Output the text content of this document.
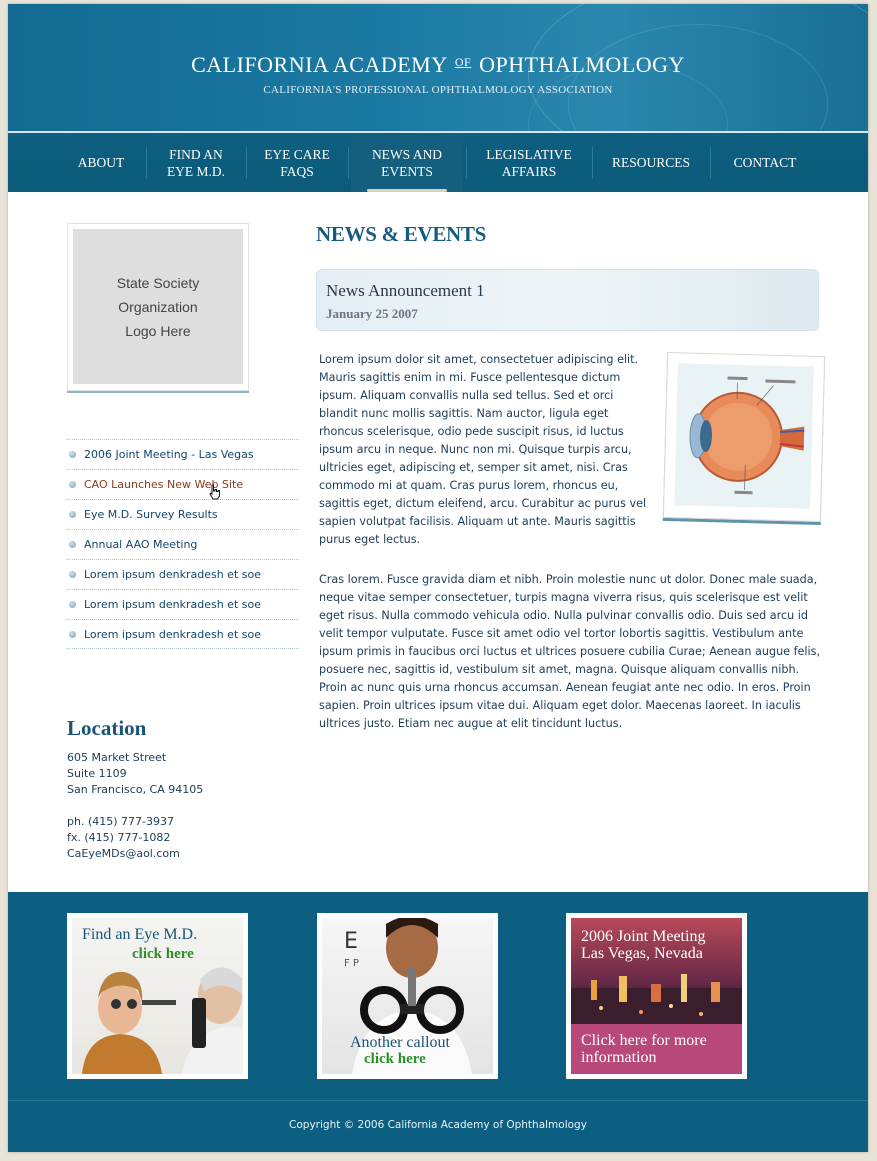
CALIFORNIA ACADEMY $^{OF}$ OPHTHALMOLOGY
CALIFORNIA'S PROFESSIONAL OPHTHALMOLOGY ASSOCIATION
ABOUT
FIND AN
EYE M.D.
EYE CARE
FAQS
NEWS AND
EVENTS
LEGISLATIVE
AFFAIRS
RESOURCES	CONTACT
State Society
Organization
Logo Here
2006 Joint Meeting - Las Vegas
CAO Launches New Web Site
Eye M.D. Survey Results
Annual AAO Meeting
Lorem ipsum denkradesh et soe
Lorem ipsum denkradesh et soe
Lorem ipsum denkradesh et soe
Location
605 Market Street
Suite 1109
San Francisco, CA 94105
ph. (415) 777-3937
fx. (415) 777-1082
CaEyeMDs@aol.com
NEWS & EVENTS
News Announcement 1
January 25 2007
Lorem ipsum dolor sit amet, consectetuer adipiscing elit. Mauris sagittis enim in mi. Fusce pellentesque dictum ipsum. Aliquam convallis nulla sed tellus. Sed et orci blandit nunc mollis sagittis. Nam auctor, ligula eget rhoncus scelerisque, odio pede suscipit risus, id luctus ipsum arcu in neque. Nunc non mi. Quisque turpis arcu, ultricies eget, adipiscing et, semper sit amet, nisi. Cras commodo mi at quam. Cras purus lorem, rhoncus eu, sagittis eget, dictum eleifend, arcu. Curabitur ac purus vel sapien volutpat facilisis. Aliquam ut ante. Mauris sagittis purus eget lectus.
Cras lorem. Fusce gravida diam et nibh. Proin molestie nunc ut dolor. Donec male suada, neque vitae semper consectetuer, turpis magna viverra risus, quis scelerisque est velit eget risus. Nulla commodo vehicula odio. Nulla pulvinar convallis odio. Duis sed arcu id velit tempor vulputate. Fusce sit amet odio vel tortor lobortis sagittis. Vestibulum ante ipsum primis in faucibus orci luctus et ultrices posuere cubilia Curae; Aenean augue felis, posuere nec, sagittis id, vestibulum sit amet, magna. Quisque aliquam convallis nibh. Proin ac nunc quis urna rhoncus accumsan. Aenean feugiat ante nec odio. In eros. Proin sapien. Proin ultrices ipsum vitae dui. Aliquam eget dolor. Maecenas laoreet. In iaculis ultrices justo. Etiam nec augue at elit tincidunt luctus.
Find an Eye M.D.
click here	E
F P
Another callout
click here
2006 Joint Meeting
Las Vegas, Nevada
Click here for more
information
Copyright © 2006 California Academy of Ophthalmology
